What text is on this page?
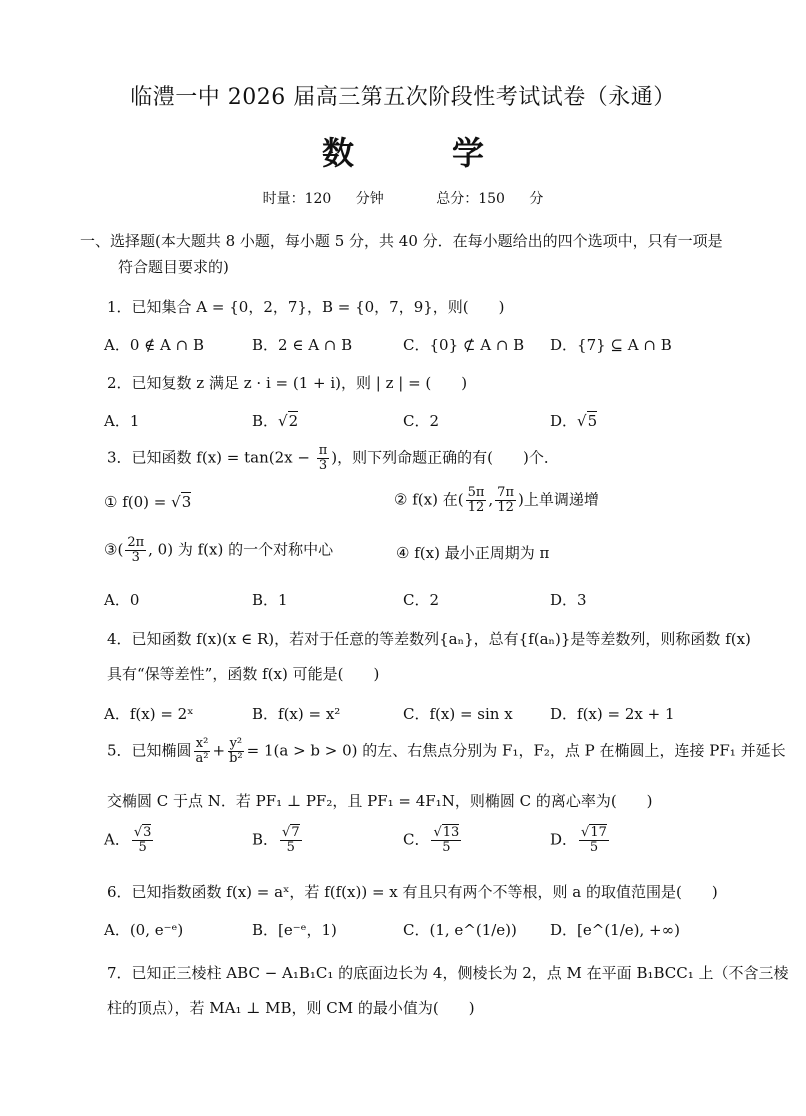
临澧一中 2026 届高三第五次阶段性考试试卷（永通）
数	学
时量：120 分钟　　	总分：150 分
一、选择题(本大题共 8 小题，每小题 5 分，共 40 分．在每小题给出的四个选项中，只有一项是
符合题目要求的)
1．已知集合 A = {0，2，7}，B = {0，7，9}，则(　　)
A．0 ∉ A ∩ B	B．2 ∈ A ∩ B	C．{0} ⊄ A ∩ B D．{7} ⊆ A ∩ B
2．已知复数 z 满足 z · i = (1 + i)，则 | z | = (　　)
A．1	B．√2	C．2	D．√5
3．已知函数 $f(x) = \tan(2x - \frac{\pi}{3}$ )，则下列命题正确的有(　　)个．
① f(0) = √3	② f(x) 在( $\frac{5\pi}{12}$ , $\frac{7\pi}{12}$ )上单调递增
③( $\frac{2\pi}{3}$ , 0) 为 f(x) 的一个对称中心	④ f(x) 最小正周期为 π
A．0	B．1	C．2	D．3
4．已知函数 f(x)(x ∈ R)，若对于任意的等差数列{aₙ}，总有{f(aₙ)}是等差数列，则称函数 f(x)
具有“保等差性”，函数 f(x) 可能是(　　)
A．f(x) = 2ˣ	B．f(x) = x²	C．f(x) = sin x D．f(x) = 2x + 1
5．已知椭圆 $\frac{\text{x²}}{\text{a²}} + \frac{\text{y²}}{\text{b²}} = 1(a > b > 0)$ 的左、右焦点分别为 F₁，F₂，点 P 在椭圆上，连接 PF₁ 并延长
交椭圆 C 于点 N．若 PF₁ ⊥ PF₂，且 PF₁ = 4F₁N，则椭圆 C 的离心率为(　　)
A． $\frac{√3}{5}$	B． $\frac{√7}{5}$	C． $\frac{√13}{5}$	D． $\frac{√17}{5}$
6．已知指数函数 f(x) = aˣ，若 f(f(x)) = x 有且只有两个不等根，则 a 的取值范围是(　　)
A．(0, e⁻ᵉ)	B．[e⁻ᵉ，1)	C．(1, e^(1/e)) D．[e^(1/e), +∞)
7．已知正三棱柱 ABC − A₁B₁C₁ 的底面边长为 4，侧棱长为 2，点 M 在平面 B₁BCC₁ 上（不含三棱
柱的顶点），若 MA₁ ⊥ MB，则 CM 的最小值为(　　)
